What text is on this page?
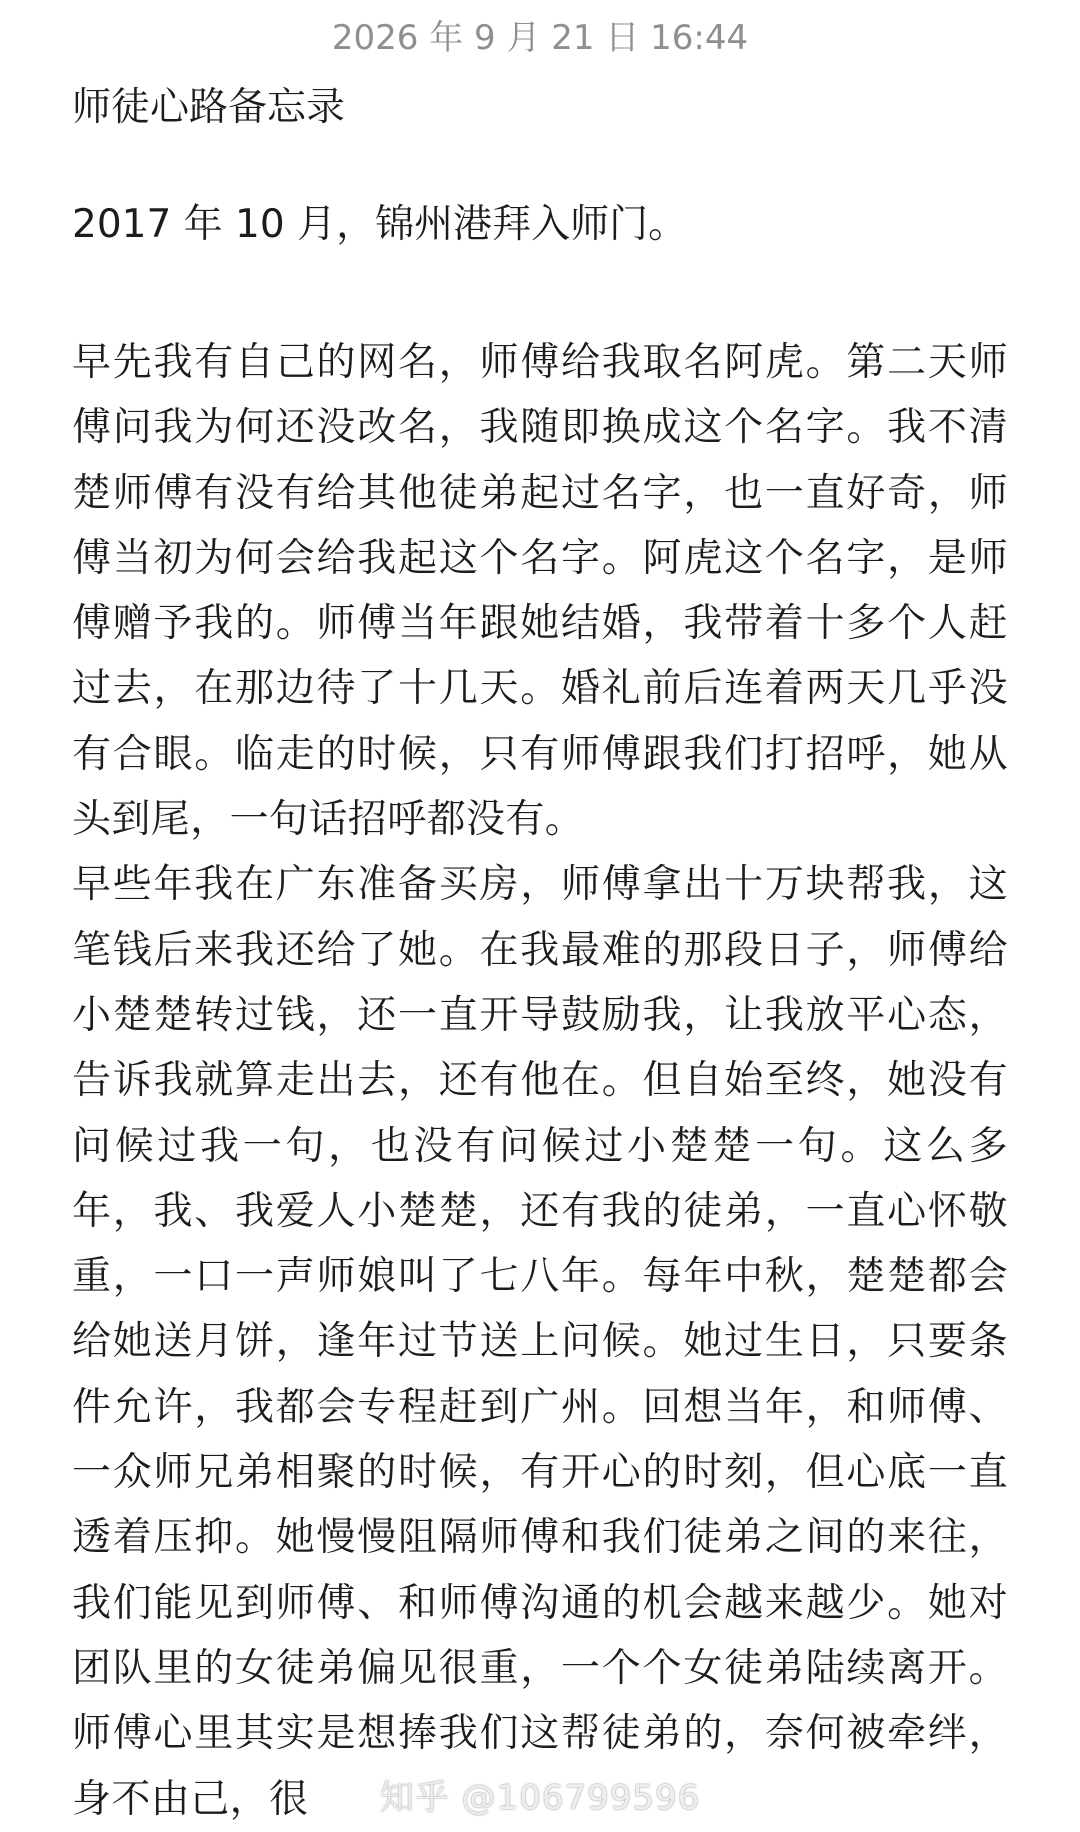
2026 年 9 月 21 日 16:44
师徒心路备忘录
2017 年 10 月，锦州港拜入师门。

早先我有自己的网名，师傅给我取名阿虎。第二天师傅问我为何还没改名，我随即换成这个名字。我不清楚师傅有没有给其他徒弟起过名字，也一直好奇，师傅当初为何会给我起这个名字。阿虎这个名字，是师傅赠予我的。师傅当年跟她结婚，我带着十多个人赶过去，在那边待了十几天。婚礼前后连着两天几乎没有合眼。临走的时候，只有师傅跟我们打招呼，她从头到尾，一句话招呼都没有。

早些年我在广东准备买房，师傅拿出十万块帮我，这笔钱后来我还给了她。在我最难的那段日子，师傅给小楚楚转过钱，还一直开导鼓励我，让我放平心态，告诉我就算走出去，还有他在。但自始至终，她没有问候过我一句，也没有问候过小楚楚一句。这么多年，我、我爱人小楚楚，还有我的徒弟，一直心怀敬重，一口一声师娘叫了七八年。每年中秋，楚楚都会给她送月饼，逢年过节送上问候。她过生日，只要条件允许，我都会专程赶到广州。回想当年，和师傅、一众师兄弟相聚的时候，有开心的时刻，但心底一直透着压抑。她慢慢阻隔师傅和我们徒弟之间的来往，我们能见到师傅、和师傅沟通的机会越来越少。她对团队里的女徒弟偏见很重，一个个女徒弟陆续离开。师傅心里其实是想捧我们这帮徒弟的，奈何被牵绊，身不由己，很	知乎 @106799596
